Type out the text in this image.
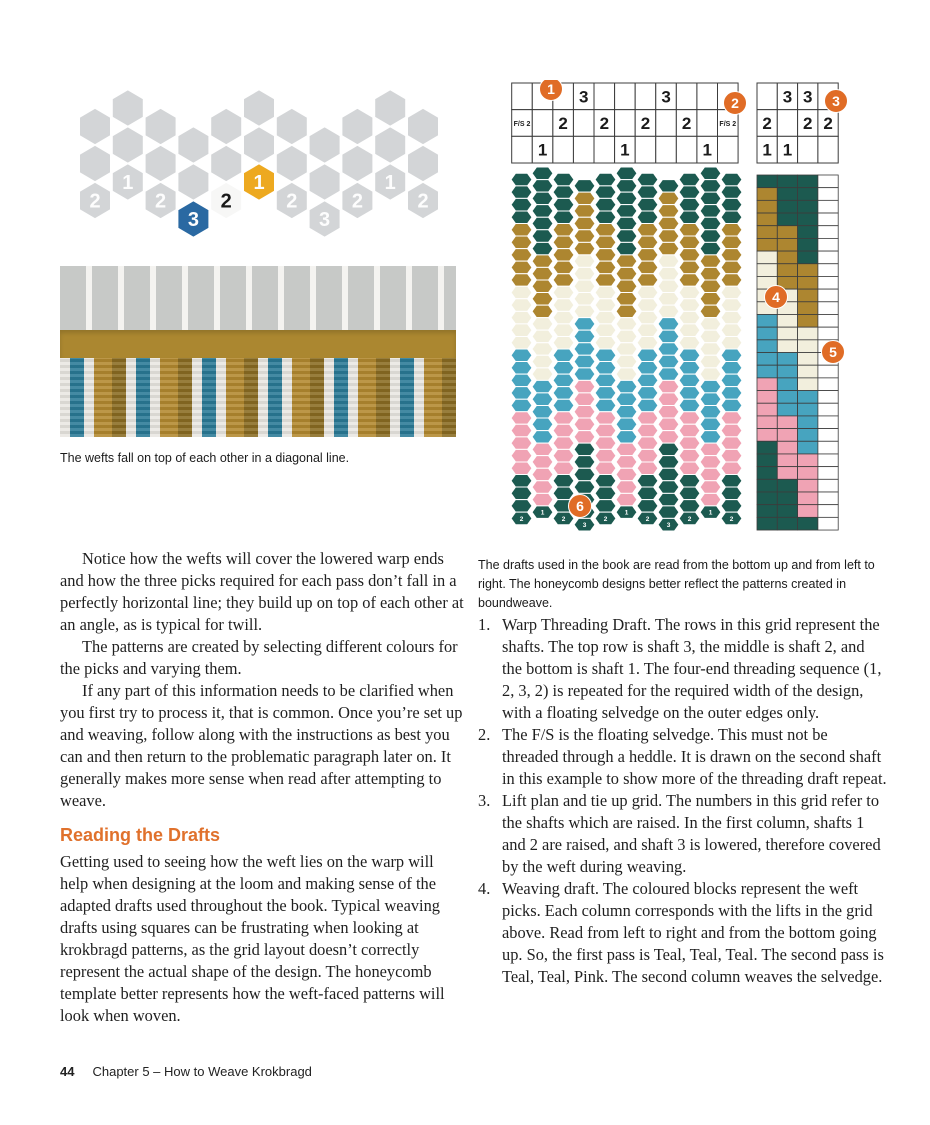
2
1
2
3
2
1
2
3
2
1
2
The wefts fall on top of each other in a diagonal line.
F/S 2
1
2
3
2
1
2
3
2
1
F/S 2
3 3
2 2 2
1 1
2
1
2
3
2
1
2
3
2
1
2
1
2	3
4
5
6
The drafts used in the book are read from the bottom up and from left to right. The honeycomb designs better reflect the patterns created in boundweave.

Notice how the wefts will cover the lowered warp ends and how the three picks required for each pass don’t fall in a perfectly horizontal line; they build up on top of each other at an angle, as is typical for twill.

The patterns are created by selecting different colours for the picks and varying them.

If any part of this information needs to be clarified when you first try to process it, that is common. Once you’re set up and weaving, follow along with the instructions as best you can and then return to the problematic paragraph later on. It generally makes more sense when read after attempting to weave.

Reading the Drafts

Getting used to seeing how the weft lies on the warp will help when designing at the loom and making sense of the adapted drafts used throughout the book. Typical weaving drafts using squares can be frustrating when looking at krokbragd patterns, as the grid layout doesn’t correctly represent the actual shape of the design. The honeycomb template better represents how the weft-faced patterns will look when woven.

1. Warp Threading Draft. The rows in this grid represent the shafts. The top row is shaft 3, the middle is shaft 2, and the bottom is shaft 1. The four-end threading sequence (1, 2, 3, 2) is repeated for the required width of the design, with a floating selvedge on the outer edges only.
2. The F/S is the floating selvedge. This must not be threaded through a heddle. It is drawn on the second shaft in this example to show more of the threading draft repeat.
3. Lift plan and tie up grid. The numbers in this grid refer to the shafts which are raised. In the first column, shafts 1 and 2 are raised, and shaft 3 is lowered, therefore covered by the weft during weaving.
4. Weaving draft. The coloured blocks represent the weft picks. Each column corresponds with the lifts in the grid above. Read from left to right and from the bottom going up. So, the first pass is Teal, Teal, Teal. The second pass is Teal, Teal, Pink. The second column weaves the selvedge.
44 Chapter 5 – How to Weave Krokbragd
